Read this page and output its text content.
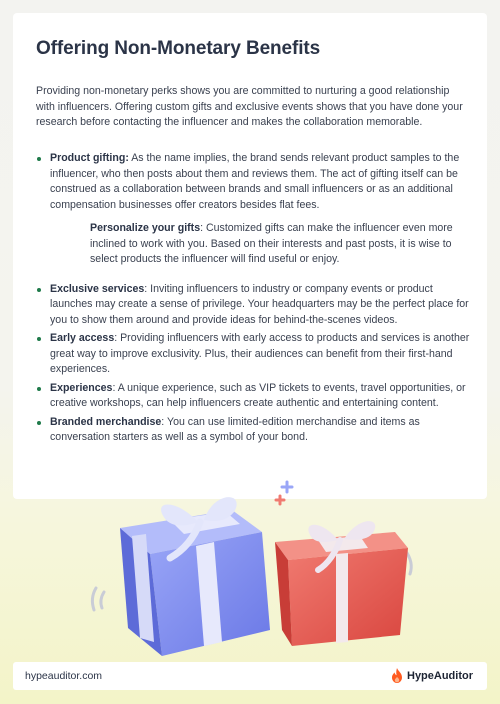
Offering Non-Monetary Benefits

Providing non-monetary perks shows you are committed to nurturing a good relationship with influencers. Offering custom gifts and exclusive events shows that you have done your research before contacting the influencer and makes the collaboration memorable.

Product gifting: As the name implies, the brand sends relevant product samples to the influencer, who then posts about them and reviews them. The act of gifting itself can be construed as a collaboration between brands and small influencers or as an additional compensation businesses offer creators besides flat fees.
Personalize your gifts: Customized gifts can make the influencer even more inclined to work with you. Based on their interests and past posts, it is wise to select products the influencer will find useful or enjoy.
Exclusive services: Inviting influencers to industry or company events or product launches may create a sense of privilege. Your headquarters may be the perfect place for you to show them around and provide ideas for behind-the-scenes videos.
Early access: Providing influencers with early access to products and services is another great way to improve exclusivity. Plus, their audiences can benefit from their first-hand experiences.
Experiences: A unique experience, such as VIP tickets to events, travel opportunities, or creative workshops, can help influencers create authentic and entertaining content.
Branded merchandise: You can use limited-edition merchandise and items as conversation starters as well as a symbol of your bond.
hypeauditor.com	HypeAuditor
